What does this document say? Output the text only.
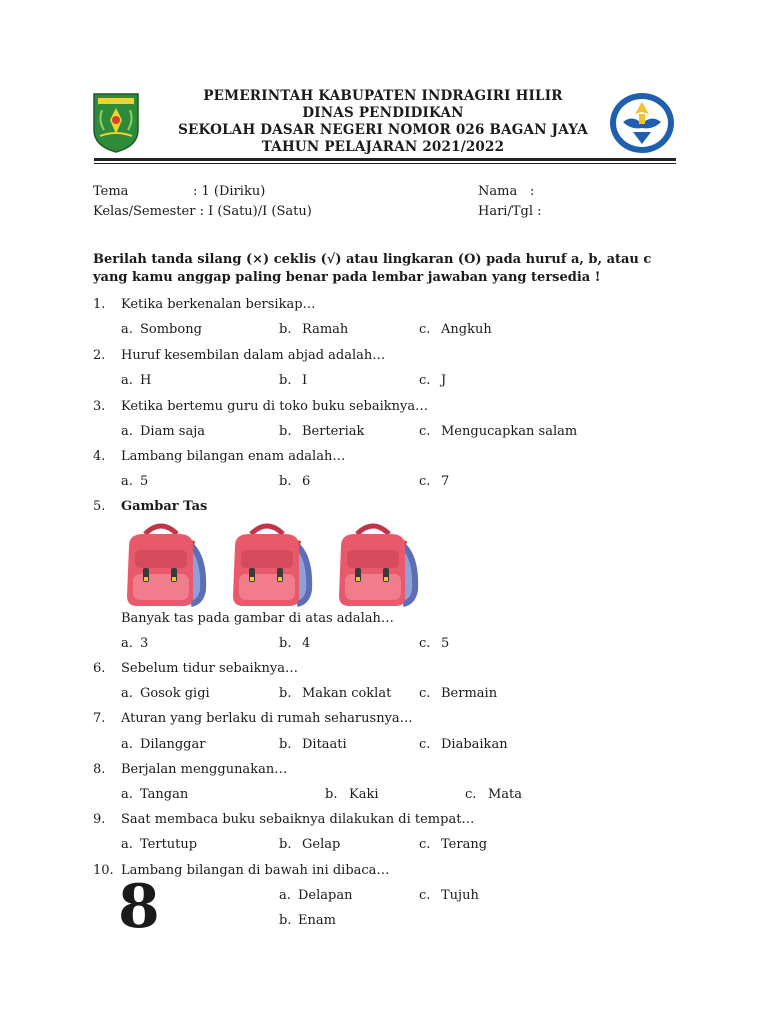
PEMERINTAH KABUPATEN INDRAGIRI HILIR
DINAS PENDIDIKAN
SEKOLAH DASAR NEGERI NOMOR 026 BAGAN JAYA
TAHUN PELAJARAN 2021/2022
Tema	: 1 (Diriku)
Kelas/Semester : I (Satu)/I (Satu)
Nama :
Hari/Tgl :
Berilah tanda silang (×) ceklis (√) atau lingkaran (O) pada huruf a, b, atau c yang kamu anggap paling benar pada lembar jawaban yang tersedia !
1. Ketika berkenalan bersikap…
a. Sombong	b. Ramah	c. Angkuh
2. Huruf kesembilan dalam abjad adalah…
a. H	b. I	c. J
3. Ketika bertemu guru di toko buku sebaiknya…
a. Diam saja	b. Berteriak	c. Mengucapkan salam
4. Lambang bilangan enam adalah…
a. 5	b. 6	c. 7
5. Gambar Tas
Banyak tas pada gambar di atas adalah…
a. 3	b. 4	c. 5
6. Sebelum tidur sebaiknya…
a. Gosok gigi	b. Makan coklat c. Bermain
7. Aturan yang berlaku di rumah seharusnya…
a. Dilanggar	b. Ditaati	c. Diabaikan
8. Berjalan menggunakan…
a. Tangan	b. Kaki	c. Mata
9. Saat membaca buku sebaiknya dilakukan di tempat…
a. Tertutup	b. Gelap	c. Terang
10. Lambang bilangan di bawah ini dibaca…
8	a. Delapan	c. Tujuh
b. Enam
